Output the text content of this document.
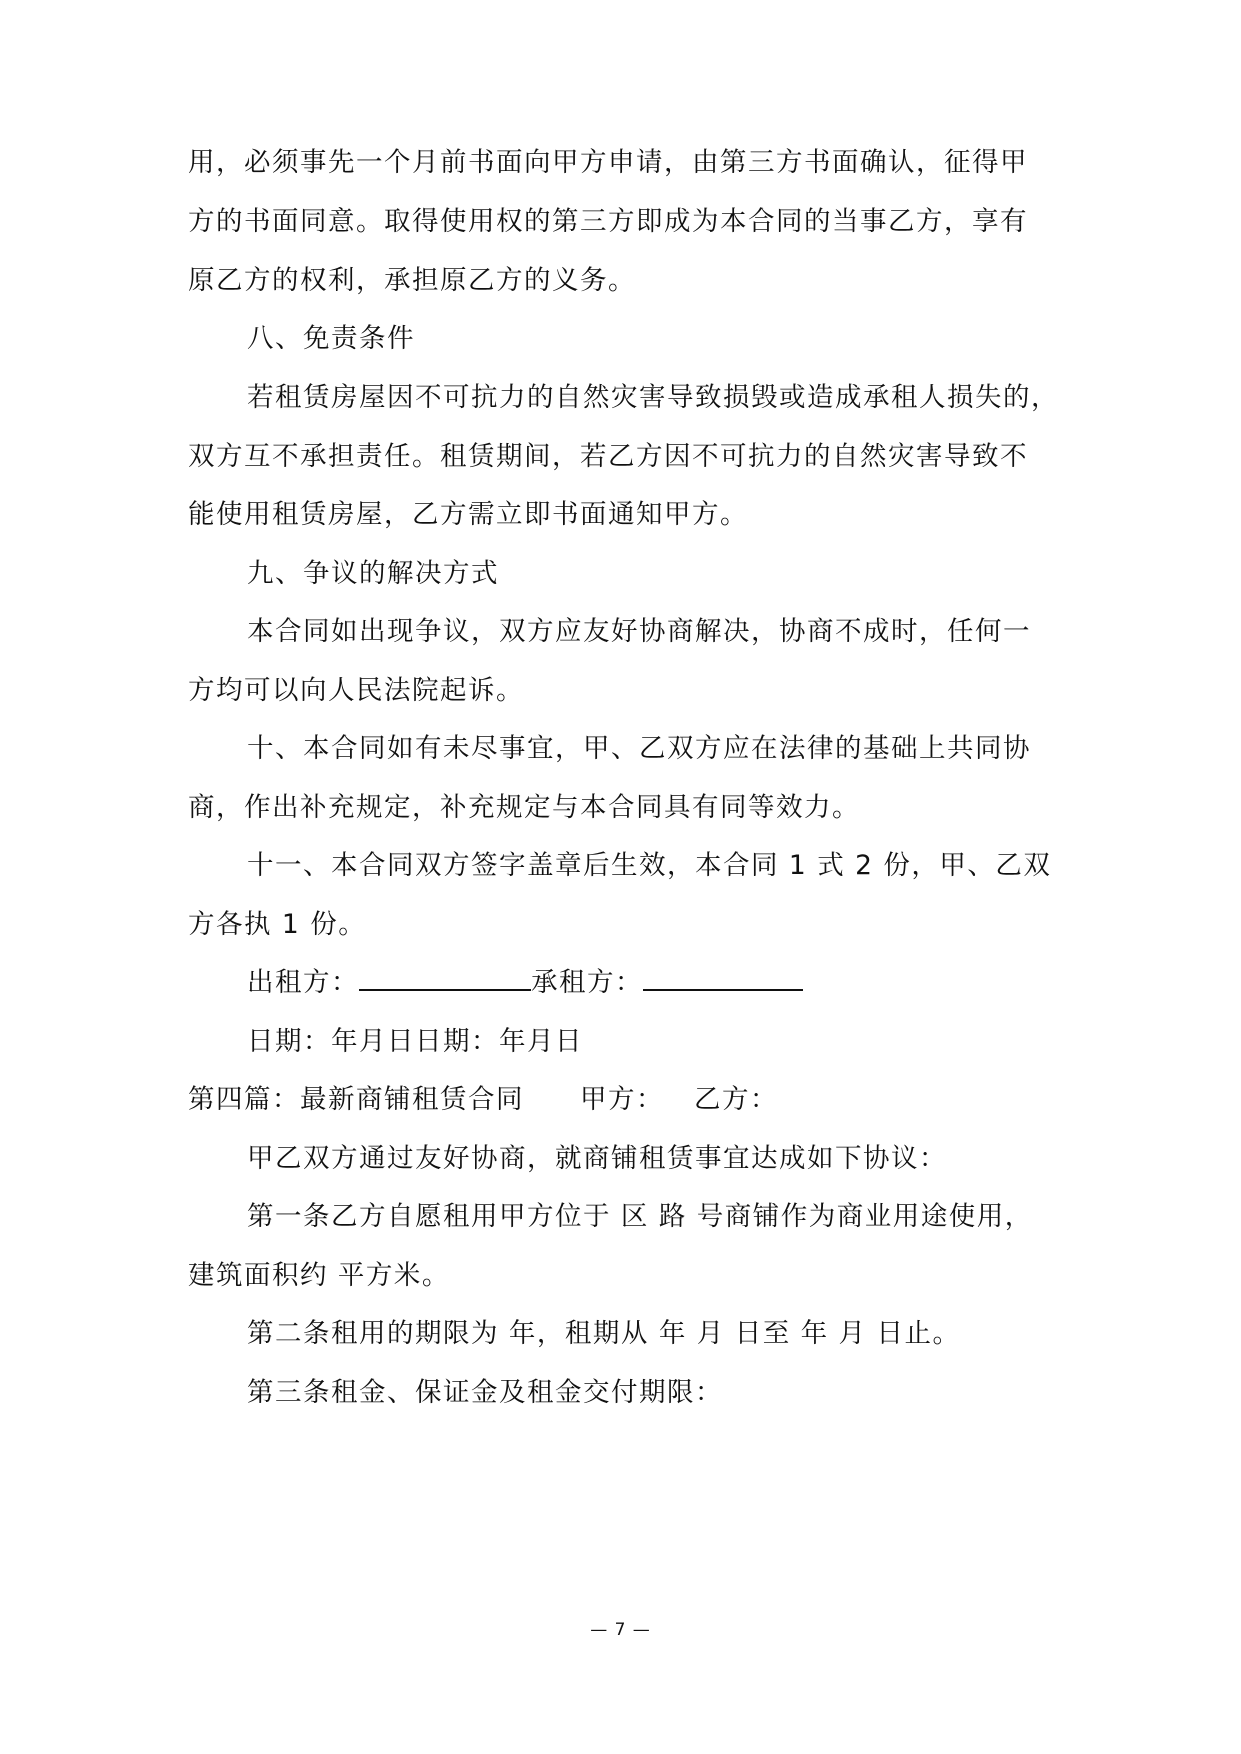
用，必须事先一个月前书面向甲方申请，由第三方书面确认，征得甲

方的书面同意。取得使用权的第三方即成为本合同的当事乙方，享有

原乙方的权利，承担原乙方的义务。

八、免责条件

若租赁房屋因不可抗力的自然灾害导致损毁或造成承租人损失的，

双方互不承担责任。租赁期间，若乙方因不可抗力的自然灾害导致不

能使用租赁房屋，乙方需立即书面通知甲方。

九、争议的解决方式

本合同如出现争议，双方应友好协商解决，协商不成时，任何一

方均可以向人民法院起诉。

十、本合同如有未尽事宜，甲、乙双方应在法律的基础上共同协

商，作出补充规定，补充规定与本合同具有同等效力。

十一、本合同双方签字盖章后生效，本合同 1 式 2 份，甲、乙双

方各执 1 份。

出租方：	承租方：

日期：年月日日期：年月日

第四篇：最新商铺租赁合同 甲方： 乙方：

甲乙双方通过友好协商，就商铺租赁事宜达成如下协议：

第一条乙方自愿租用甲方位于 区 路 号商铺作为商业用途使用，

建筑面积约 平方米。

第二条租用的期限为 年，租期从 年 月 日至 年 月 日止。

第三条租金、保证金及租金交付期限：

— 7 —
